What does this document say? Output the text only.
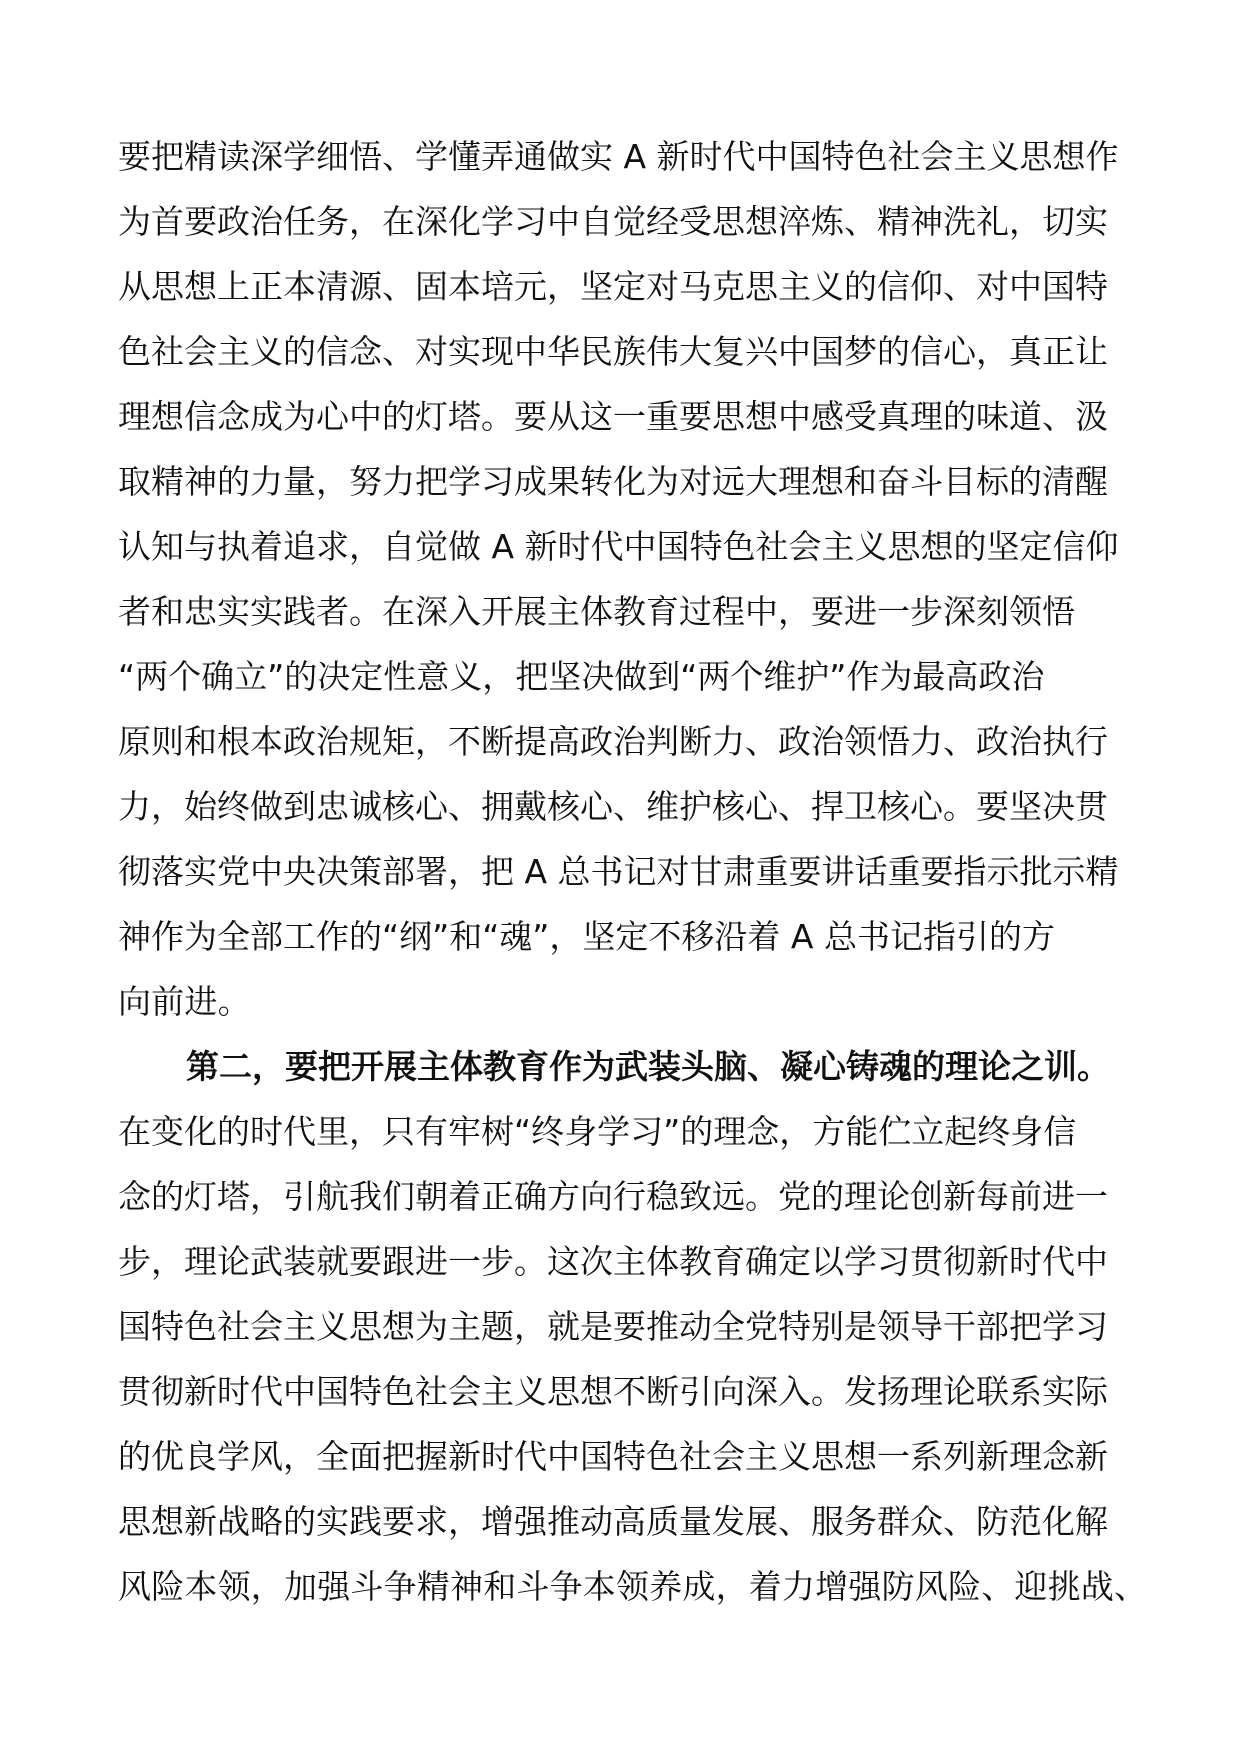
要把精读深学细悟、学懂弄通做实 A 新时代中国特色社会主义思想作
为首要政治任务，在深化学习中自觉经受思想淬炼、精神洗礼，切实
从思想上正本清源、固本培元，坚定对马克思主义的信仰、对中国特
色社会主义的信念、对实现中华民族伟大复兴中国梦的信心，真正让
理想信念成为心中的灯塔。要从这一重要思想中感受真理的味道、汲
取精神的力量，努力把学习成果转化为对远大理想和奋斗目标的清醒
认知与执着追求，自觉做 A 新时代中国特色社会主义思想的坚定信仰
者和忠实实践者。在深入开展主体教育过程中，要进一步深刻领悟
“两个确立”的决定性意义，把坚决做到“两个维护”作为最高政治
原则和根本政治规矩，不断提高政治判断力、政治领悟力、政治执行
力，始终做到忠诚核心、拥戴核心、维护核心、捍卫核心。要坚决贯
彻落实党中央决策部署，把 A 总书记对甘肃重要讲话重要指示批示精
神作为全部工作的“纲”和“魂”，坚定不移沿着 A 总书记指引的方
向前进。
第二，要把开展主体教育作为武装头脑、凝心铸魂的理论之训。
在变化的时代里，只有牢树“终身学习”的理念，方能伫立起终身信
念的灯塔，引航我们朝着正确方向行稳致远。党的理论创新每前进一
步，理论武装就要跟进一步。这次主体教育确定以学习贯彻新时代中
国特色社会主义思想为主题，就是要推动全党特别是领导干部把学习
贯彻新时代中国特色社会主义思想不断引向深入。发扬理论联系实际
的优良学风，全面把握新时代中国特色社会主义思想一系列新理念新
思想新战略的实践要求，增强推动高质量发展、服务群众、防范化解
风险本领，加强斗争精神和斗争本领养成，着力增强防风险、迎挑战、
